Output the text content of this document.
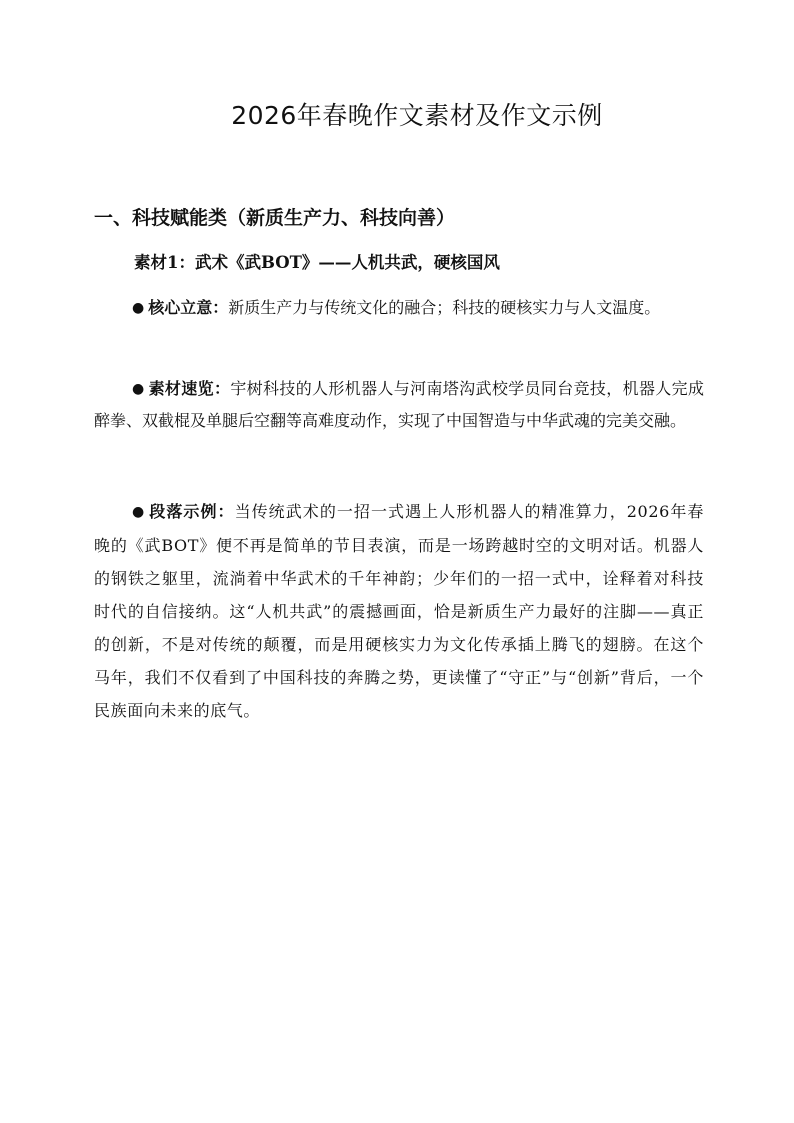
2026年春晚作文素材及作文示例
一、科技赋能类（新质生产力、科技向善）
素材1：武术《武BOT》——人机共武，硬核国风
● 核心立意：新质生产力与传统文化的融合；科技的硬核实力与人文温度。
● 素材速览：宇树科技的人形机器人与河南塔沟武校学员同台竞技，机器人完成醉拳、双截棍及单腿后空翻等高难度动作，实现了中国智造与中华武魂的完美交融。
● 段落示例：当传统武术的一招一式遇上人形机器人的精准算力，2026年春晚的《武BOT》便不再是简单的节目表演，而是一场跨越时空的文明对话。机器人的钢铁之躯里，流淌着中华武术的千年神韵；少年们的一招一式中，诠释着对科技时代的自信接纳。这“人机共武”的震撼画面，恰是新质生产力最好的注脚——真正的创新，不是对传统的颠覆，而是用硬核实力为文化传承插上腾飞的翅膀。在这个马年，我们不仅看到了中国科技的奔腾之势，更读懂了“守正”与“创新”背后，一个民族面向未来的底气。
